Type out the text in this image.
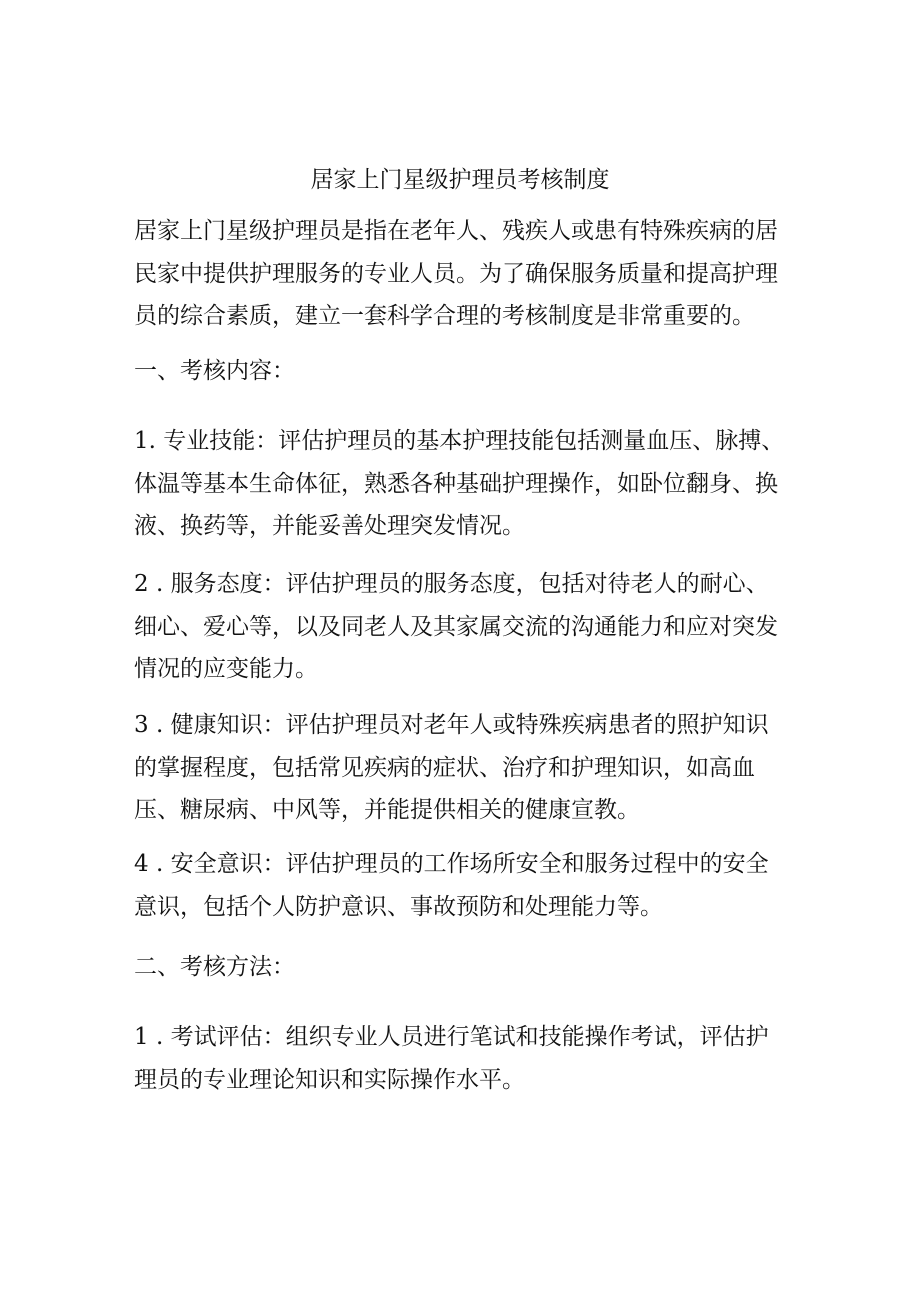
居家上门星级护理员考核制度
居家上门星级护理员是指在老年人、残疾人或患有特殊疾病的居
民家中提供护理服务的专业人员。为了确保服务质量和提高护理
员的综合素质，建立一套科学合理的考核制度是非常重要的。
一、考核内容：
1. 专业技能：评估护理员的基本护理技能包括测量血压、脉搏、
体温等基本生命体征，熟悉各种基础护理操作，如卧位翻身、换
液、换药等，并能妥善处理突发情况。
2 . 服务态度：评估护理员的服务态度，包括对待老人的耐心、
细心、爱心等，以及同老人及其家属交流的沟通能力和应对突发
情况的应变能力。
3 . 健康知识：评估护理员对老年人或特殊疾病患者的照护知识
的掌握程度，包括常见疾病的症状、治疗和护理知识，如高血
压、糖尿病、中风等，并能提供相关的健康宣教。
4 . 安全意识：评估护理员的工作场所安全和服务过程中的安全
意识，包括个人防护意识、事故预防和处理能力等。
二、考核方法：
1 . 考试评估：组织专业人员进行笔试和技能操作考试，评估护
理员的专业理论知识和实际操作水平。
